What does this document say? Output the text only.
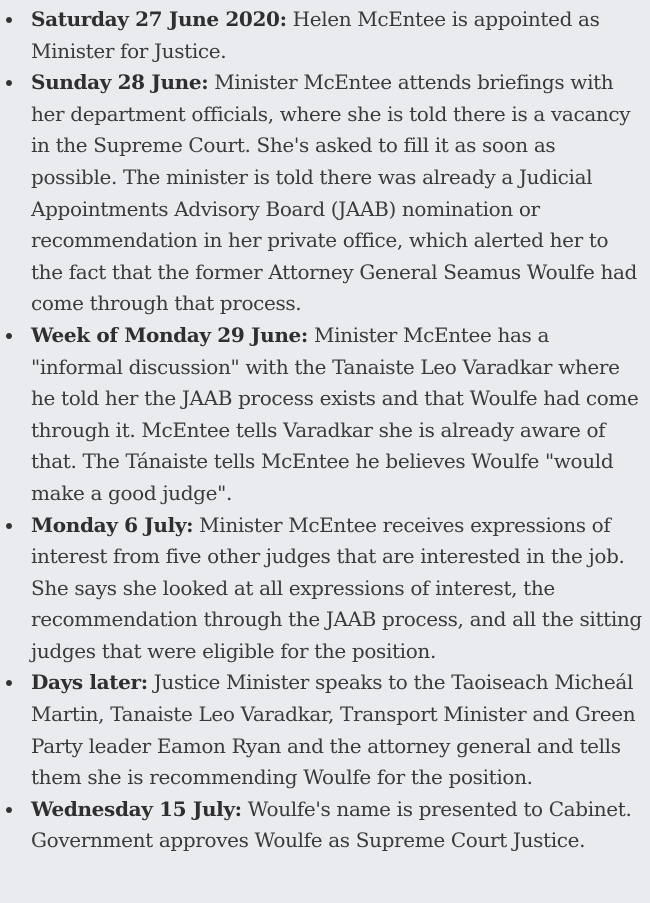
Saturday 27 June 2020: Helen McEntee is appointed as Minister for Justice.
Sunday 28 June: Minister McEntee attends briefings with her department officials, where she is told there is a vacancy in the Supreme Court. She's asked to fill it as soon as possible. The minister is told there was already a Judicial Appointments Advisory Board (JAAB) nomination or recommendation in her private office, which alerted her to the fact that the former Attorney General Seamus Woulfe had come through that process.
Week of Monday 29 June: Minister McEntee has a "informal discussion" with the Tanaiste Leo Varadkar where he told her the JAAB process exists and that Woulfe had come through it. McEntee tells Varadkar she is already aware of that. The Tánaiste tells McEntee he believes Woulfe "would make a good judge".
Monday 6 July: Minister McEntee receives expressions of interest from five other judges that are interested in the job. She says she looked at all expressions of interest, the recommendation through the JAAB process, and all the sitting judges that were eligible for the position.
Days later: Justice Minister speaks to the Taoiseach Micheál Martin, Tanaiste Leo Varadkar, Transport Minister and Green Party leader Eamon Ryan and the attorney general and tells them she is recommending Woulfe for the position.
Wednesday 15 July: Woulfe's name is presented to Cabinet. Government approves Woulfe as Supreme Court Justice.
